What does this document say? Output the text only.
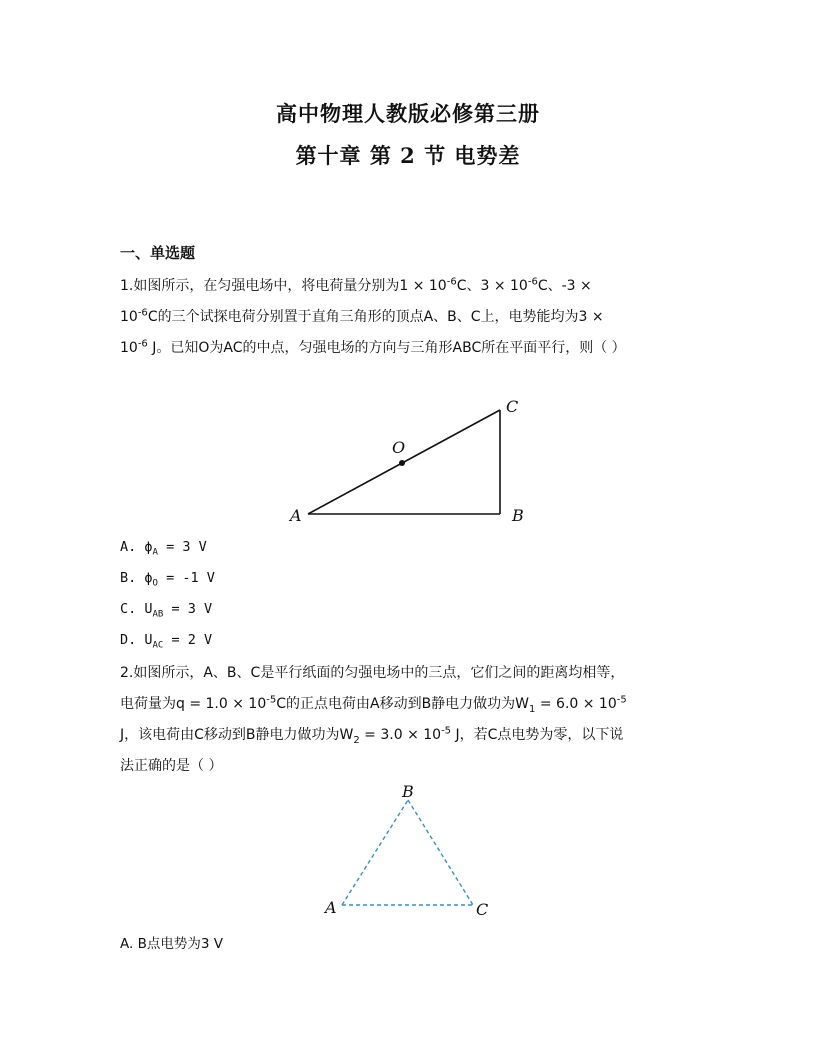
高中物理人教版必修第三册
第十章 第 2 节 电势差
一、单选题
1.如图所示，在匀强电场中，将电荷量分别为$1 \times 10^{-6}C$、$3 \times 10^{-6}C$、-3 ×
$10^{-6}C$的三个试探电荷分别置于直角三角形的顶点A、B、C上，电势能均为3 ×
$10^{-6}$ J。已知O为AC的中点，匀强电场的方向与三角形ABC所在平面平行，则（ ）
A	B
C
O
A. $\phi_A = 3$ V
B. $\phi_O = -1$ V
C. $U_{AB} = 3$ V
D. $U_{AC} = 2$ V
2.如图所示，A、B、C是平行纸面的匀强电场中的三点，它们之间的距离均相等，
电荷量为$q = 1.0 \times 10^{-5}C$的正点电荷由A移动到B静电力做功为$W_1 = 6.0 \times 10^{-5}$
J，该电荷由C移动到B静电力做功为$W_2 = 3.0 \times 10^{-5}$ J，若C点电势为零，以下说
法正确的是（ ）
A
B
C
A. B点电势为3 V
